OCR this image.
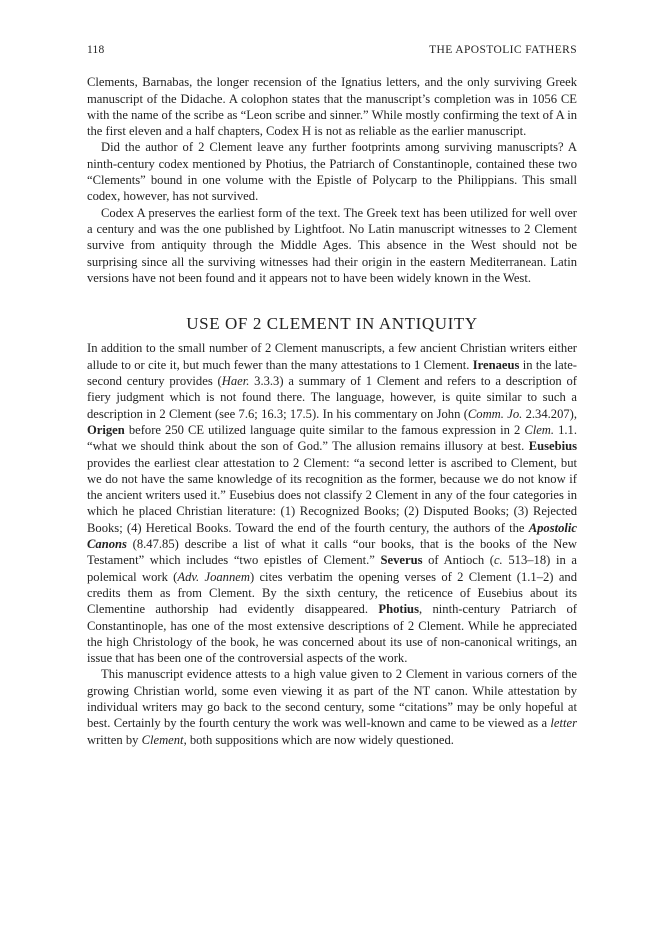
118	THE APOSTOLIC FATHERS

Clements, Barnabas, the longer recension of the Ignatius letters, and the only surviving Greek manuscript of the Didache. A colophon states that the manuscript’s completion was in 1056 CE with the name of the scribe as “Leon scribe and sinner.” While mostly confirming the text of A in the first eleven and a half chapters, Codex H is not as reliable as the earlier manuscript.

Did the author of 2 Clement leave any further footprints among surviving manuscripts? A ninth-century codex mentioned by Photius, the Patriarch of Constantinople, contained these two “Clements” bound in one volume with the Epistle of Polycarp to the Philippians. This small codex, however, has not survived.

Codex A preserves the earliest form of the text. The Greek text has been utilized for well over a century and was the one published by Lightfoot. No Latin manuscript witnesses to 2 Clement survive from antiquity through the Middle Ages. This absence in the West should not be surprising since all the surviving witnesses had their origin in the eastern Mediterranean. Latin versions have not been found and it appears not to have been widely known in the West.

USE OF 2 CLEMENT IN ANTIQUITY

In addition to the small number of 2 Clement manuscripts, a few ancient Christian writers either allude to or cite it, but much fewer than the many attestations to 1 Clement. Irenaeus in the late-second century provides (Haer. 3.3.3) a summary of 1 Clement and refers to a description of fiery judgment which is not found there. The language, however, is quite similar to such a description in 2 Clement (see 7.6; 16.3; 17.5). In his commentary on John (Comm. Jo. 2.34.207), Origen before 250 CE utilized language quite similar to the famous expression in 2 Clem. 1.1. “what we should think about the son of God.” The allusion remains illusory at best. Eusebius provides the earliest clear attestation to 2 Clement: “a second letter is ascribed to Clement, but we do not have the same knowledge of its recognition as the former, because we do not know if the ancient writers used it.” Eusebius does not classify 2 Clement in any of the four categories in which he placed Christian literature: (1) Recognized Books; (2) Disputed Books; (3) Rejected Books; (4) Heretical Books. Toward the end of the fourth century, the authors of the Apostolic Canons (8.47.85) describe a list of what it calls “our books, that is the books of the New Testament” which includes “two epistles of Clement.” Severus of Antioch (c. 513–18) in a polemical work (Adv. Joannem) cites verbatim the opening verses of 2 Clement (1.1–2) and credits them as from Clement. By the sixth century, the reticence of Eusebius about its Clementine authorship had evidently disappeared. Photius, ninth-century Patriarch of Constantinople, has one of the most extensive descriptions of 2 Clement. While he appreciated the high Christology of the book, he was concerned about its use of non-canonical writings, an issue that has been one of the controversial aspects of the work.

This manuscript evidence attests to a high value given to 2 Clement in various corners of the growing Christian world, some even viewing it as part of the NT canon. While attestation by individual writers may go back to the second century, some “citations” may be only hopeful at best. Certainly by the fourth century the work was well-known and came to be viewed as a letter written by Clement, both suppositions which are now widely questioned.
